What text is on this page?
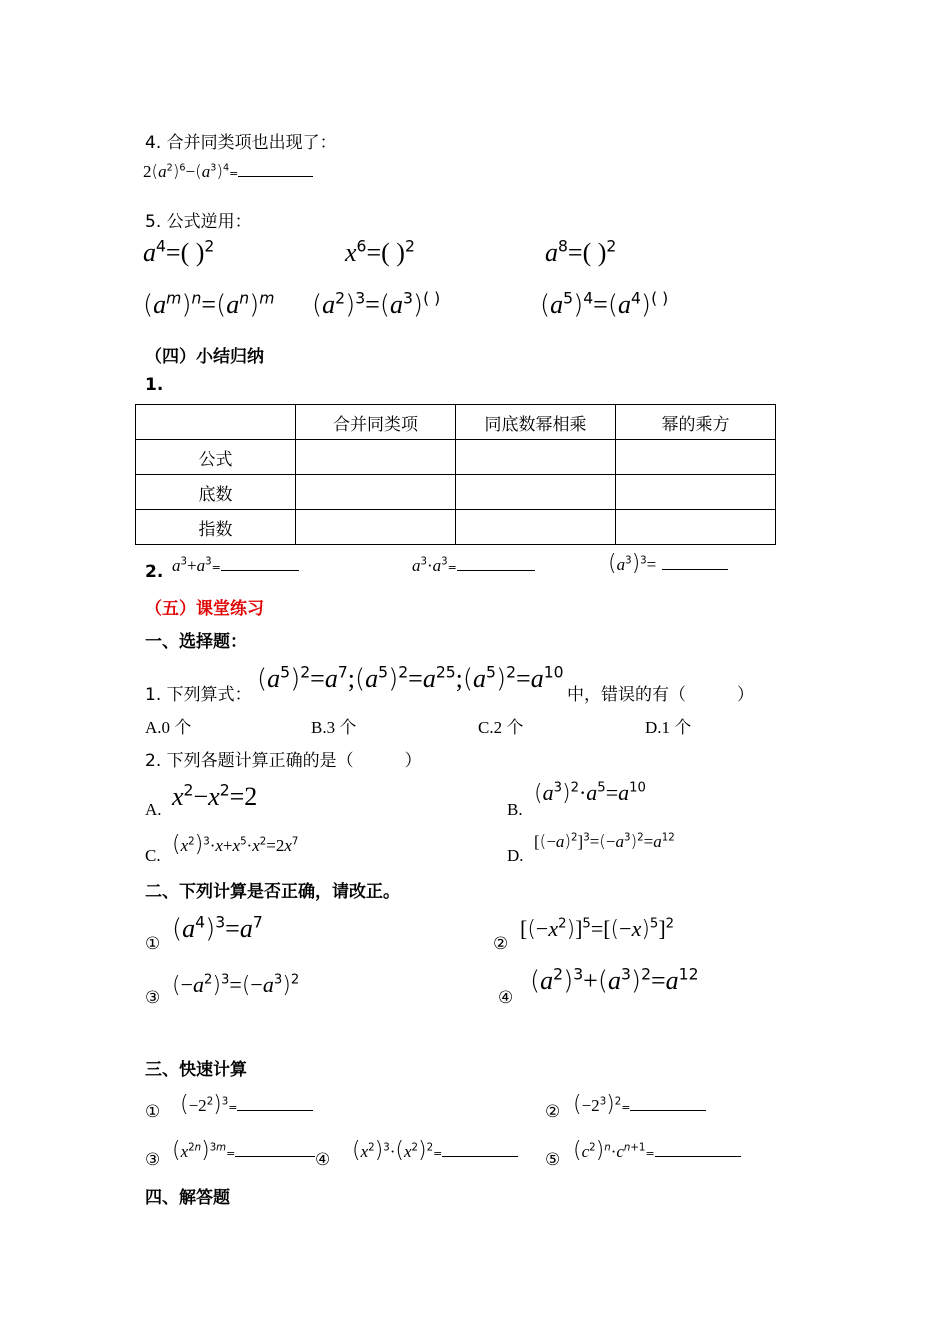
4. 合并同类项也出现了：
$2(a^2)^6-(a^3)^4=$
5. 公式逆用：
$a^4=$( )$^2$	$x^6=$( )$^2$	$a^8=$( )$^2$
$(a^m)^n=(a^n)^m$ $(a^2)^3=(a^3)^{( )}$	$(a^5)^4=(a^4)^{( )}$
（四）小结归纳
1.
	合并同类项	同底数幂相乘	幂的乘方
公式			
底数			
指数			
2. $a^3+a^3=$	$a^3\cdot a^3=$	$(a^3)^3=$
（五）课堂练习
一、选择题：
1. 下列算式：
$(a^5)^2=a^7;(a^5)^2=a^{25};(a^5)^2=a^{10}$
中，错误的有（　　　）
A.0 个	B.3 个	C.2 个	D.1 个
2. 下列各题计算正确的是（　　　）
A. $x^2-x^2=2$	B.
$(a^3)^2\cdot a^5=a^{10}$
C. $(x^2)^3\cdot x+x^5\cdot x^2=2x^7$
D.
$[(-a)^2]^3=(-a^3)^2=a^{12}$
二、下列计算是否正确，请改正。
① $(a^4)^3=a^7$
②
$[(-x^2)]^5=[(-x)^5]^2$
③ $(-a^2)^3=(-a^3)^2$
④
$(a^2)^3+(a^3)^2=a^{12}$
三、快速计算
① $(-2^2)^3=$	② $(-2^3)^2=$
③ $(x^{2n})^{3m}=$	④ $(x^2)^3\cdot(x^2)^2=$	⑤ $(c^2)^n\cdot c^{n+1}=$
四、解答题
